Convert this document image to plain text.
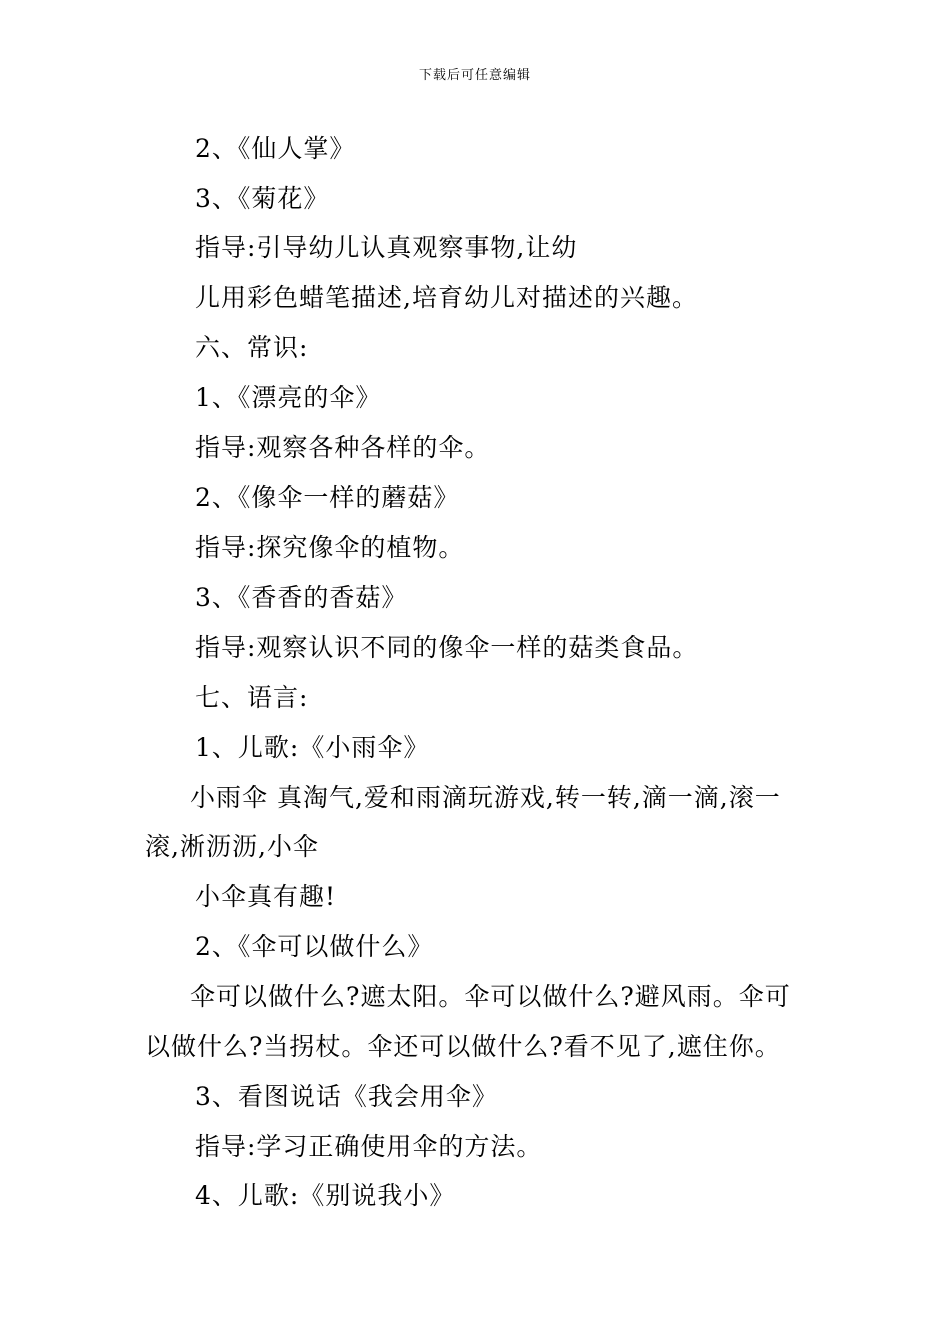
下载后可任意编辑
2、《仙人掌》
3、《菊花》
指导:引导幼儿认真观察事物,让幼
儿用彩色蜡笔描述,培育幼儿对描述的兴趣。
六、常识:
1、《漂亮的伞》
指导:观察各种各样的伞。
2、《像伞一样的蘑菇》
指导:探究像伞的植物。
3、《香香的香菇》
指导:观察认识不同的像伞一样的菇类食品。
七、语言:
1、儿歌:《小雨伞》
小雨伞 真淘气,爱和雨滴玩游戏,转一转,滴一滴,滚一
滚,淅沥沥,小伞
小伞真有趣!
2、《伞可以做什么》
伞可以做什么?遮太阳。伞可以做什么?避风雨。伞可
以做什么?当拐杖。伞还可以做什么?看不见了,遮住你。
3、看图说话《我会用伞》
指导:学习正确使用伞的方法。
4、儿歌:《别说我小》
